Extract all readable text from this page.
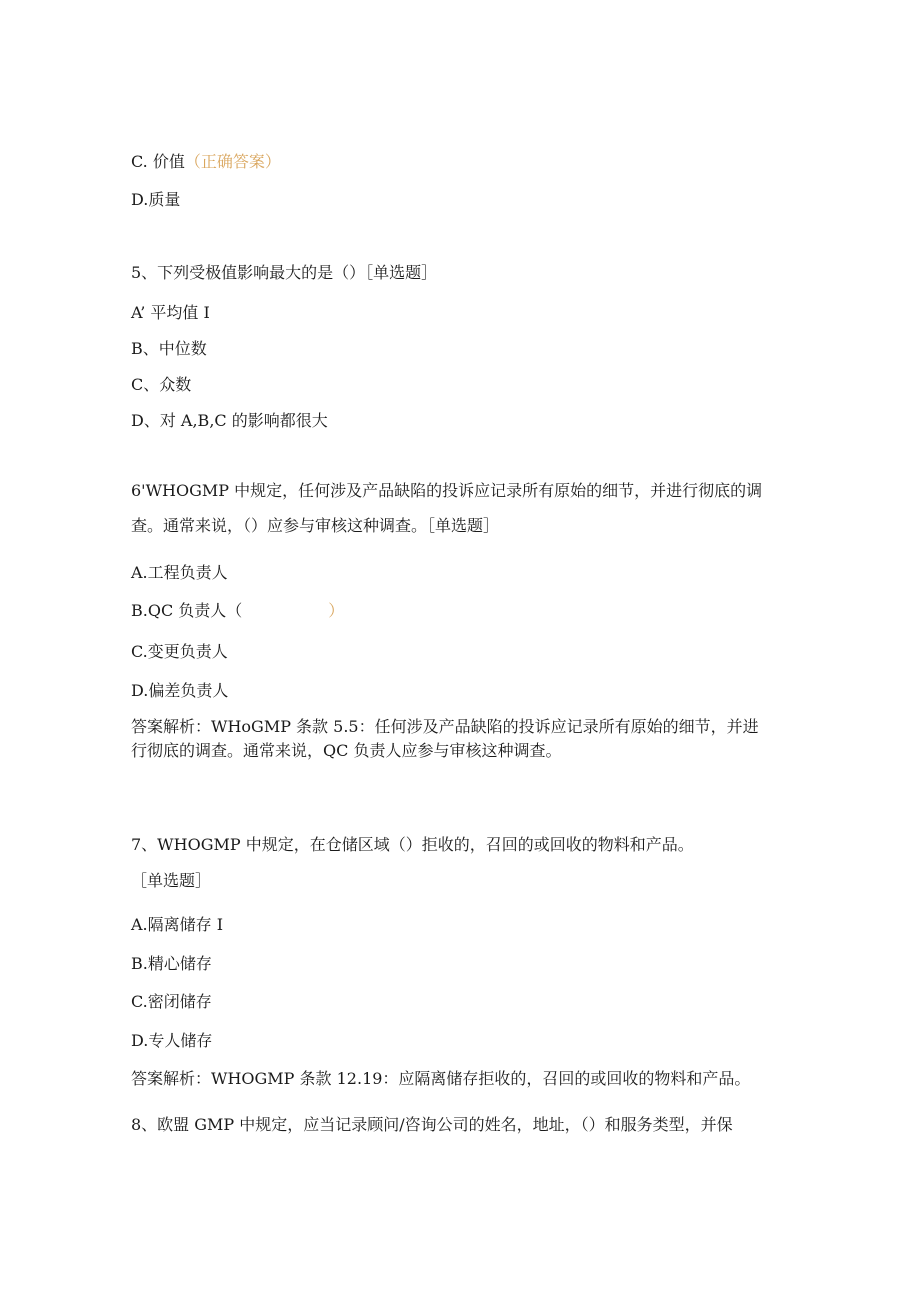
C. 价值（正确答案）
D.质量
5、下列受极值影响最大的是（）［单选题］
A’ 平均值 I
B、中位数
C、众数
D、对 A,B,C 的影响都很大
6'WHOGMP 中规定，任何涉及产品缺陷的投诉应记录所有原始的细节，并进行彻底的调
查。通常来说，（）应参与审核这种调查。［单选题］
A.工程负责人
B.QC 负责人（	）
C.变更负责人
D.偏差负责人
答案解析：WHoGMP 条款 5.5：任何涉及产品缺陷的投诉应记录所有原始的细节，并进
行彻底的调查。通常来说，QC 负责人应参与审核这种调查。
7、WHOGMP 中规定，在仓储区域（）拒收的，召回的或回收的物料和产品。
［单选题］
A.隔离储存 I
B.精心储存
C.密闭储存
D.专人储存
答案解析：WHOGMP 条款 12.19：应隔离储存拒收的，召回的或回收的物料和产品。
8、欧盟 GMP 中规定，应当记录顾问/咨询公司的姓名，地址，（）和服务类型，并保
